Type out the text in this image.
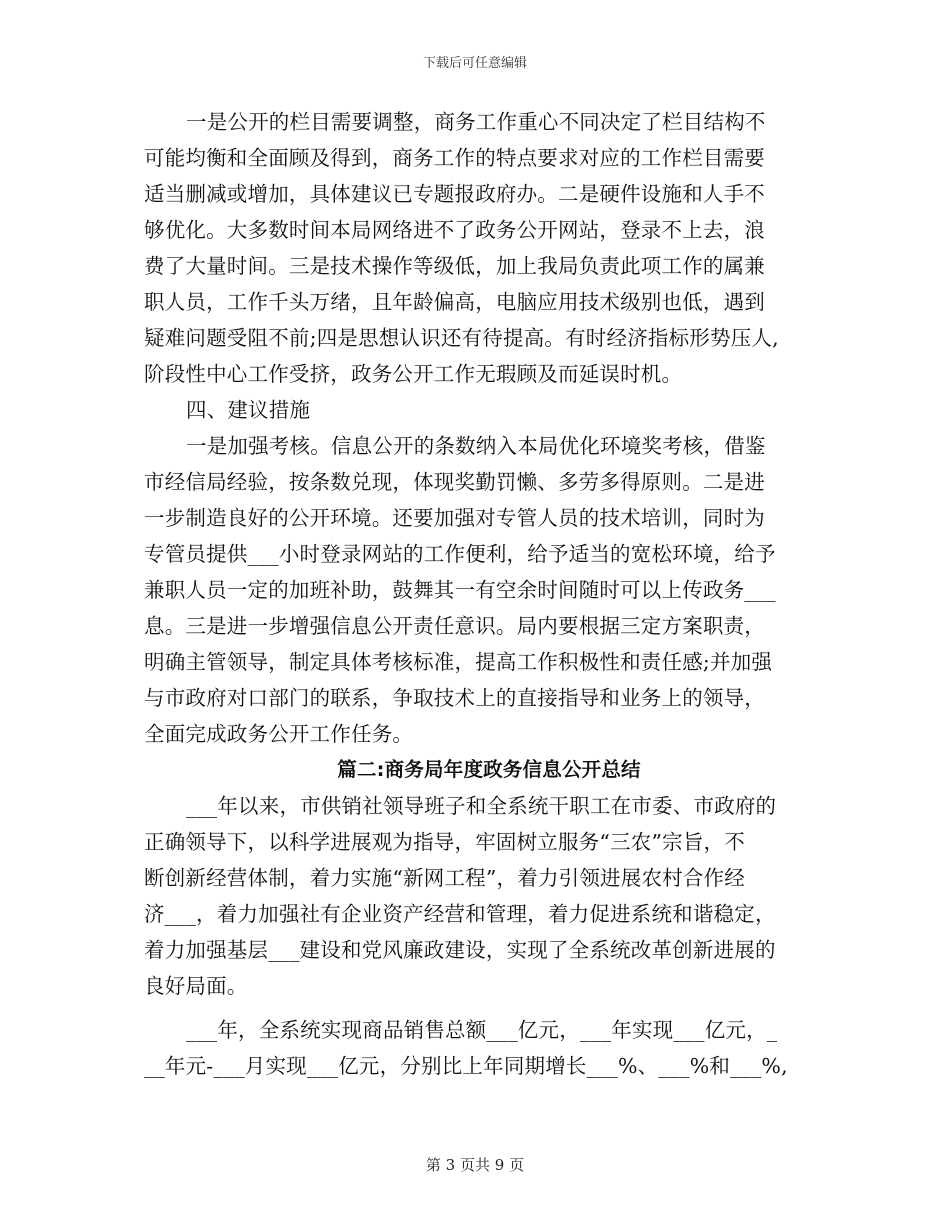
下载后可任意编辑
一是公开的栏目需要调整，商务工作重心不同决定了栏目结构不
可能均衡和全面顾及得到，商务工作的特点要求对应的工作栏目需要
适当删减或增加，具体建议已专题报政府办。二是硬件设施和人手不
够优化。大多数时间本局网络进不了政务公开网站，登录不上去，浪
费了大量时间。三是技术操作等级低，加上我局负责此项工作的属兼
职人员，工作千头万绪，且年龄偏高，电脑应用技术级别也低，遇到
疑难问题受阻不前;四是思想认识还有待提高。有时经济指标形势压人,
阶段性中心工作受挤，政务公开工作无瑕顾及而延误时机。
四、建议措施
一是加强考核。信息公开的条数纳入本局优化环境奖考核，借鉴
市经信局经验，按条数兑现，体现奖勤罚懒、多劳多得原则。二是进
一步制造良好的公开环境。还要加强对专管人员的技术培训，同时为
专管员提供___小时登录网站的工作便利，给予适当的宽松环境，给予
兼职人员一定的加班补助，鼓舞其一有空余时间随时可以上传政务___
息。三是进一步增强信息公开责任意识。局内要根据三定方案职责，
明确主管领导，制定具体考核标准，提高工作积极性和责任感;并加强
与市政府对口部门的联系，争取技术上的直接指导和业务上的领导，
全面完成政务公开工作任务。
篇二:商务局年度政务信息公开总结
___年以来，市供销社领导班子和全系统干职工在市委、市政府的
正确领导下，以科学进展观为指导，牢固树立服务“三农”宗旨，不
断创新经营体制，着力实施“新网工程”，着力引领进展农村合作经
济___，着力加强社有企业资产经营和管理，着力促进系统和谐稳定，
着力加强基层___建设和党风廉政建设，实现了全系统改革创新进展的
良好局面。
___年，全系统实现商品销售总额___亿元，___年实现___亿元，_
__年元-___月实现___亿元，分别比上年同期增长___%、___%和___%,
第 3 页共 9 页
